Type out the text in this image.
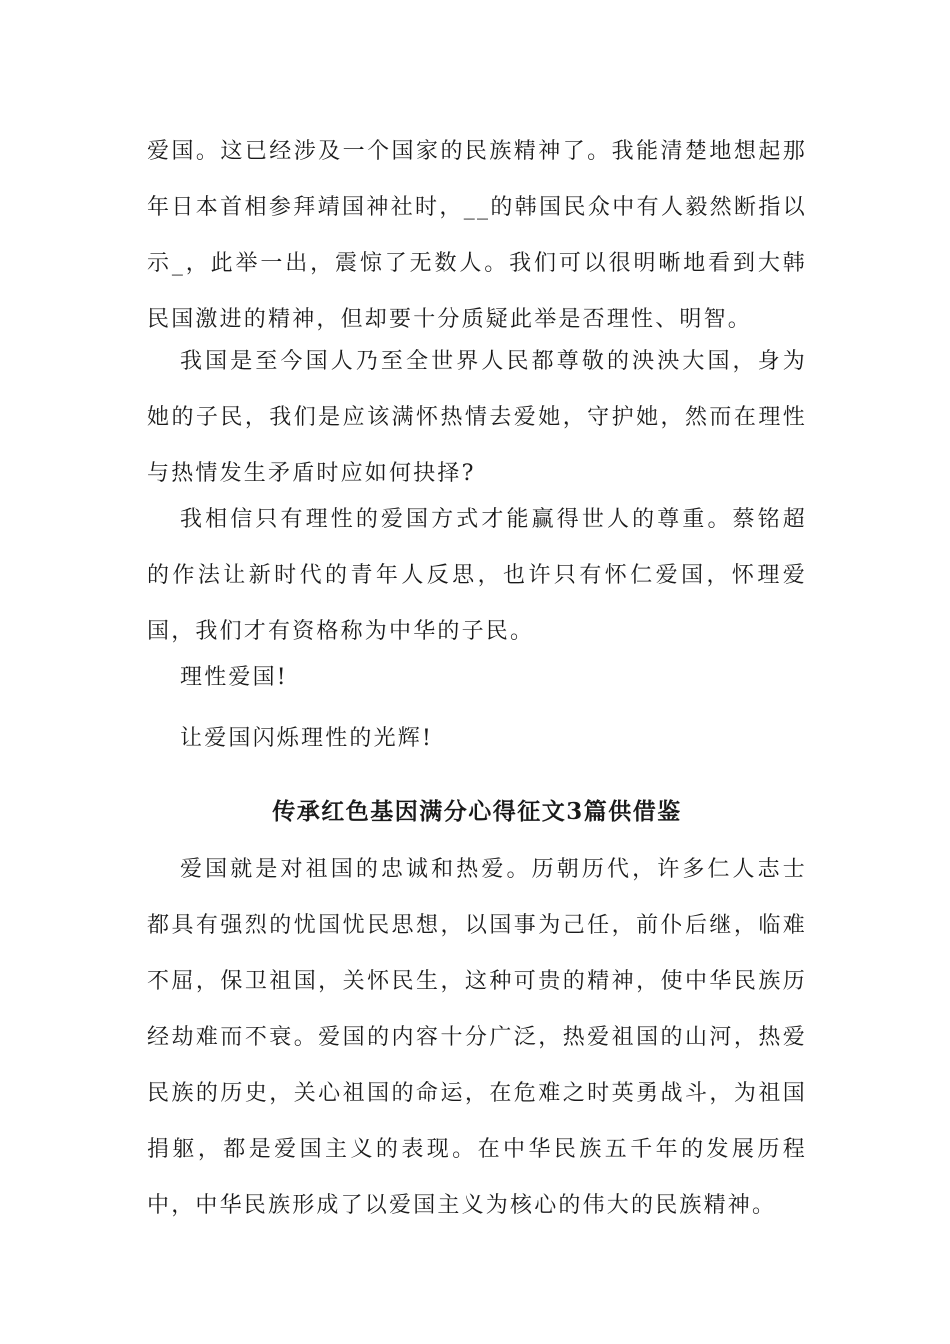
爱国。这已经涉及一个国家的民族精神了。我能清楚地想起那年日本首相参拜靖国神社时，__的韩国民众中有人毅然断指以示_，此举一出，震惊了无数人。我们可以很明晰地看到大韩民国激进的精神，但却要十分质疑此举是否理性、明智。

我国是至今国人乃至全世界人民都尊敬的泱泱大国，身为她的子民，我们是应该满怀热情去爱她，守护她，然而在理性与热情发生矛盾时应如何抉择?

我相信只有理性的爱国方式才能赢得世人的尊重。蔡铭超的作法让新时代的青年人反思，也许只有怀仁爱国，怀理爱国，我们才有资格称为中华的子民。

理性爱国!

让爱国闪烁理性的光辉!

传承红色基因满分心得征文3篇供借鉴

爱国就是对祖国的忠诚和热爱。历朝历代，许多仁人志士都具有强烈的忧国忧民思想，以国事为己任，前仆后继，临难不屈，保卫祖国，关怀民生，这种可贵的精神，使中华民族历经劫难而不衰。爱国的内容十分广泛，热爱祖国的山河，热爱民族的历史，关心祖国的命运，在危难之时英勇战斗，为祖国捐躯，都是爱国主义的表现。在中华民族五千年的发展历程中，中华民族形成了以爱国主义为核心的伟大的民族精神。
